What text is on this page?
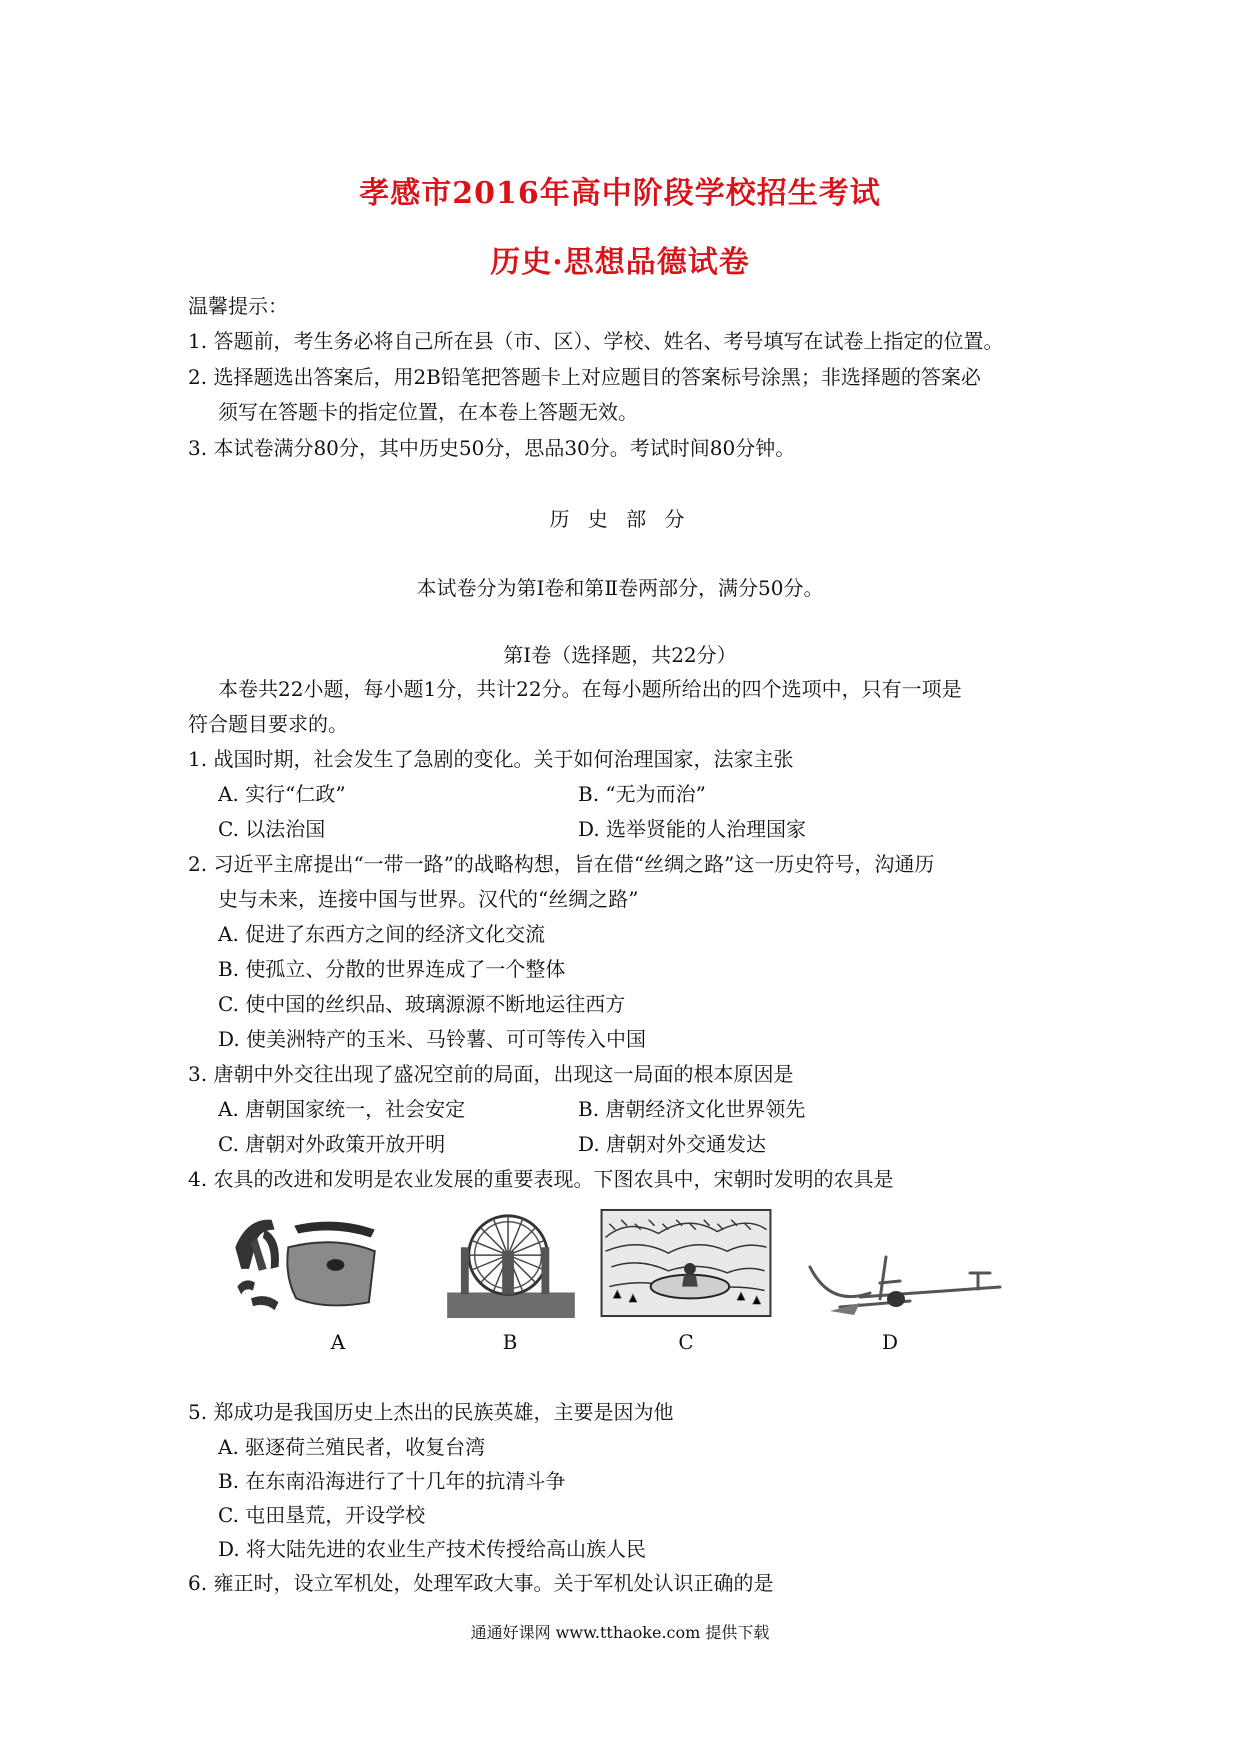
孝感市2016年高中阶段学校招生考试
历史·思想品德试卷
温馨提示：
1. 答题前，考生务必将自己所在县（市、区）、学校、姓名、考号填写在试卷上指定的位置。
2. 选择题选出答案后，用2B铅笔把答题卡上对应题目的答案标号涂黑；非选择题的答案必
须写在答题卡的指定位置，在本卷上答题无效。
3. 本试卷满分80分，其中历史50分，思品30分。考试时间80分钟。
历 史 部 分
本试卷分为第Ⅰ卷和第Ⅱ卷两部分，满分50分。
第Ⅰ卷（选择题，共22分）
本卷共22小题，每小题1分，共计22分。在每小题所给出的四个选项中，只有一项是
符合题目要求的。
1. 战国时期，社会发生了急剧的变化。关于如何治理国家，法家主张
A. 实行“仁政”	B. “无为而治”
C. 以法治国	D. 选举贤能的人治理国家
2. 习近平主席提出“一带一路”的战略构想，旨在借“丝绸之路”这一历史符号，沟通历
史与未来，连接中国与世界。汉代的“丝绸之路”
A. 促进了东西方之间的经济文化交流
B. 使孤立、分散的世界连成了一个整体
C. 使中国的丝织品、玻璃源源不断地运往西方
D. 使美洲特产的玉米、马铃薯、可可等传入中国
3. 唐朝中外交往出现了盛况空前的局面，出现这一局面的根本原因是
A. 唐朝国家统一，社会安定	B. 唐朝经济文化世界领先
C. 唐朝对外政策开放开明	D. 唐朝对外交通发达
4. 农具的改进和发明是农业发展的重要表现。下图农具中，宋朝时发明的农具是
A	B	C	D
5. 郑成功是我国历史上杰出的民族英雄，主要是因为他
A. 驱逐荷兰殖民者，收复台湾
B. 在东南沿海进行了十几年的抗清斗争
C. 屯田垦荒，开设学校
D. 将大陆先进的农业生产技术传授给高山族人民
6. 雍正时，设立军机处，处理军政大事。关于军机处认识正确的是
通通好课网 www.tthaoke.com 提供下载
